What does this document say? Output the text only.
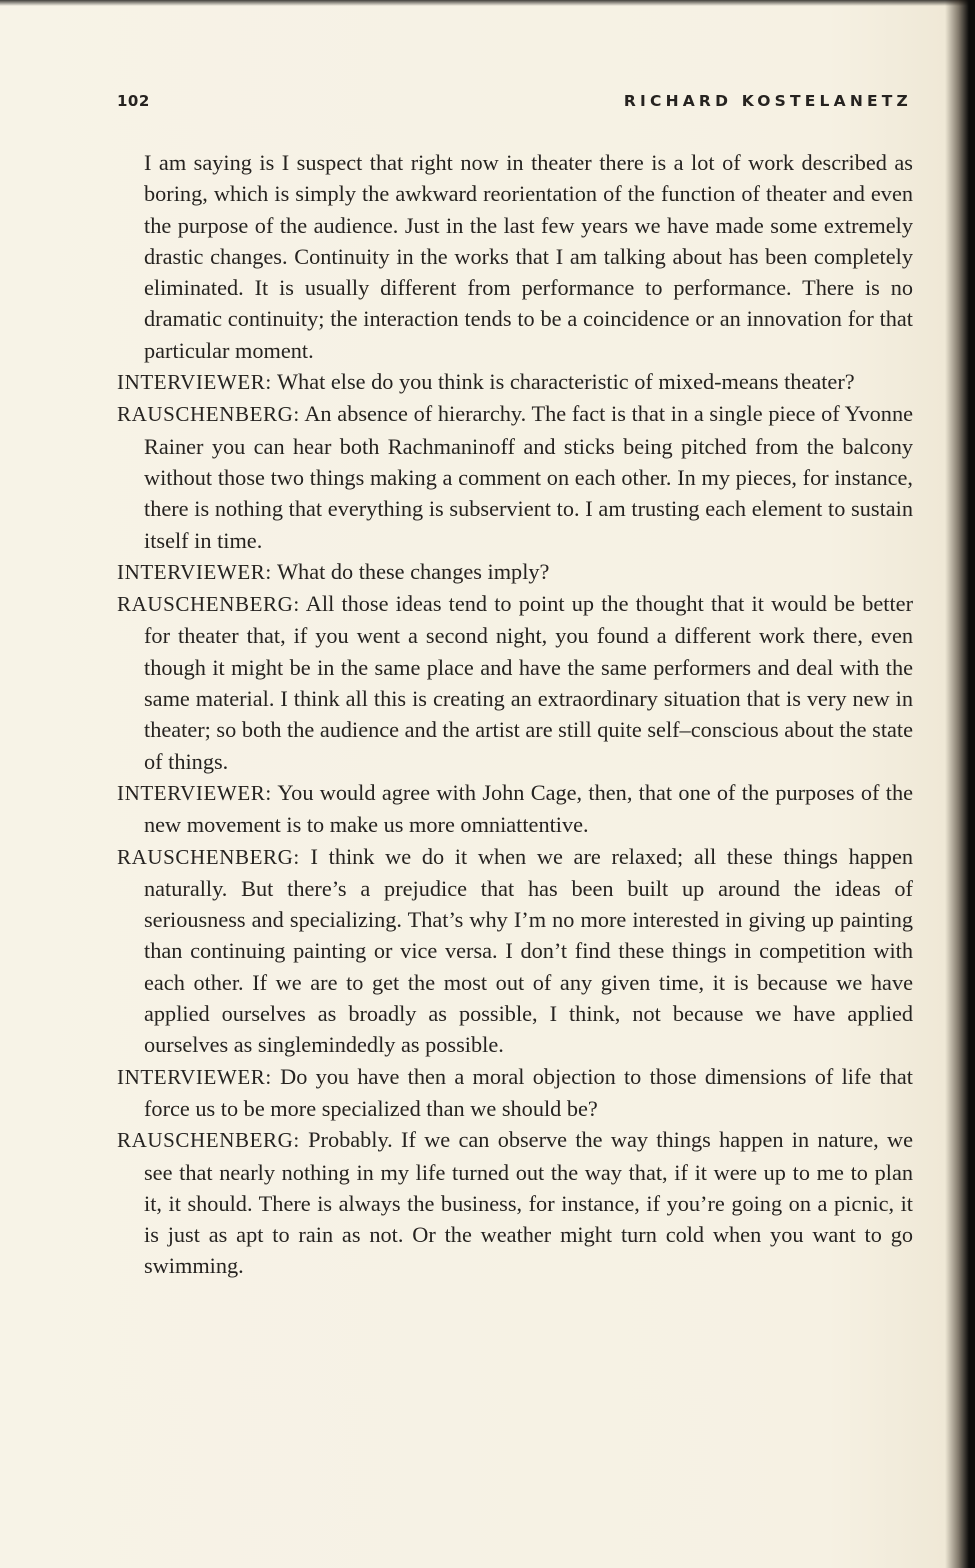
102	RICHARD KOSTELANETZ

I am saying is I suspect that right now in theater there is a lot of work described as boring, which is simply the awkward reorientation of the function of theater and even the purpose of the audience. Just in the last few years we have made some extremely drastic changes. Continuity in the works that I am talking about has been completely eliminated. It is usually different from performance to performance. There is no dramatic continuity; the interaction tends to be a coincidence or an innovation for that particular moment.

INTERVIEWER: What else do you think is characteristic of mixed-means theater?

RAUSCHENBERG: An absence of hierarchy. The fact is that in a single piece of Yvonne Rainer you can hear both Rachmaninoff and sticks being pitched from the balcony without those two things making a comment on each other. In my pieces, for instance, there is nothing that everything is subservient to. I am trusting each element to sustain itself in time.

INTERVIEWER: What do these changes imply?

RAUSCHENBERG: All those ideas tend to point up the thought that it would be better for theater that, if you went a second night, you found a different work there, even though it might be in the same place and have the same performers and deal with the same material. I think all this is creating an extraordinary situation that is very new in theater; so both the audience and the artist are still quite self–conscious about the state of things.

INTERVIEWER: You would agree with John Cage, then, that one of the purposes of the new movement is to make us more omniattentive.

RAUSCHENBERG: I think we do it when we are relaxed; all these things happen naturally. But there’s a prejudice that has been built up around the ideas of seriousness and specializing. That’s why I’m no more interested in giving up painting than continuing painting or vice versa. I don’t find these things in competition with each other. If we are to get the most out of any given time, it is because we have applied ourselves as broadly as possible, I think, not because we have applied ourselves as singlemindedly as possible.

INTERVIEWER: Do you have then a moral objection to those dimensions of life that force us to be more specialized than we should be?

RAUSCHENBERG: Probably. If we can observe the way things happen in nature, we see that nearly nothing in my life turned out the way that, if it were up to me to plan it, it should. There is always the business, for instance, if you’re going on a picnic, it is just as apt to rain as not. Or the weather might turn cold when you want to go swimming.
